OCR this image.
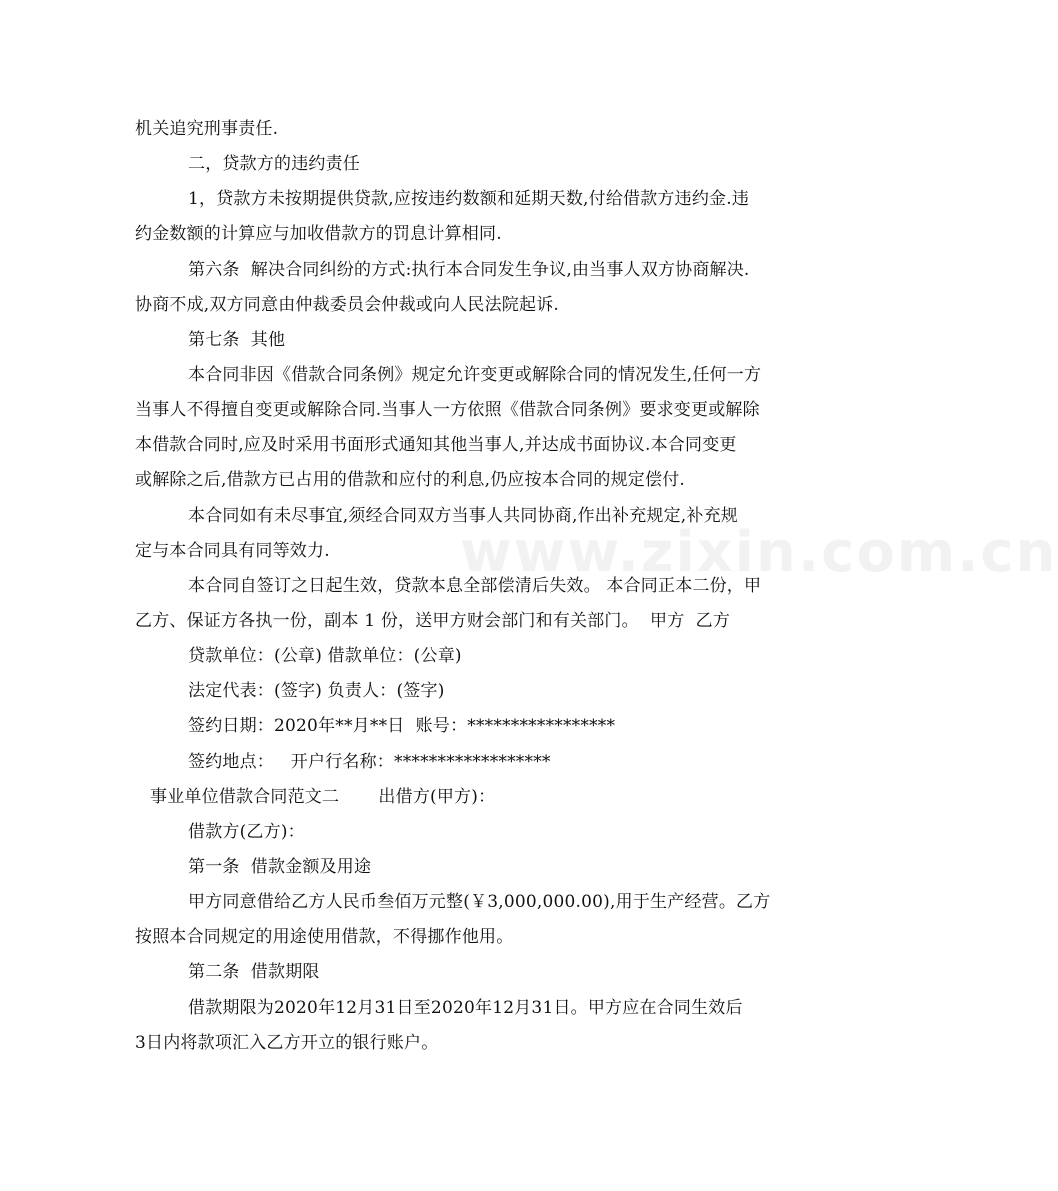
www.zixin.com.cn
机关追究刑事责任.
二，贷款方的违约责任
1，贷款方未按期提供贷款,应按违约数额和延期天数,付给借款方违约金.违
约金数额的计算应与加收借款方的罚息计算相同.
第六条  解决合同纠纷的方式:执行本合同发生争议,由当事人双方协商解决.
协商不成,双方同意由仲裁委员会仲裁或向人民法院起诉.
第七条  其他
本合同非因《借款合同条例》规定允许变更或解除合同的情况发生,任何一方
当事人不得擅自变更或解除合同.当事人一方依照《借款合同条例》要求变更或解除
本借款合同时,应及时采用书面形式通知其他当事人,并达成书面协议.本合同变更
或解除之后,借款方已占用的借款和应付的利息,仍应按本合同的规定偿付.
本合同如有未尽事宜,须经合同双方当事人共同协商,作出补充规定,补充规
定与本合同具有同等效力.
本合同自签订之日起生效，贷款本息全部偿清后失效。 本合同正本二份，甲
乙方、保证方各执一份，副本 1 份，送甲方财会部门和有关部门。  甲方  乙方
贷款单位：(公章) 借款单位：(公章)
法定代表：(签字) 负责人：(签字)
签约日期：2020年**月**日  账号：*****************
签约地点：   开户行名称：******************
事业单位借款合同范文二       出借方(甲方)：
借款方(乙方)：
第一条  借款金额及用途
甲方同意借给乙方人民币叁佰万元整(￥3,000,000.00),用于生产经营。乙方
按照本合同规定的用途使用借款，不得挪作他用。
第二条  借款期限
借款期限为2020年12月31日至2020年12月31日。甲方应在合同生效后
3日内将款项汇入乙方开立的银行账户。
